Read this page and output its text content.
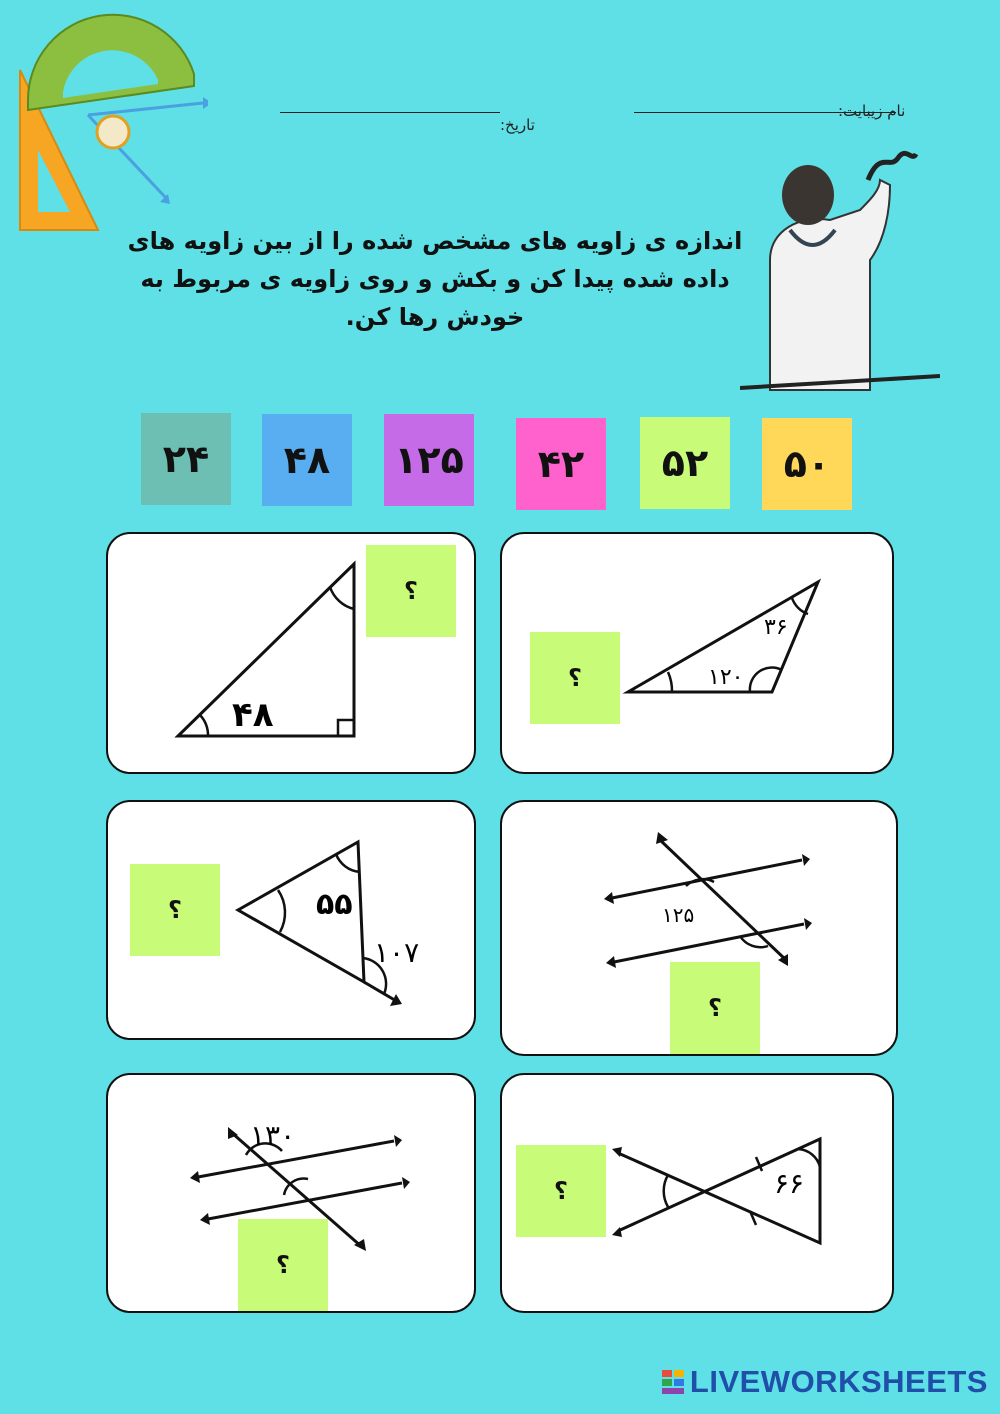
نام زیبایت:
تاریخ:
اندازه ی زاویه های مشخص شده را از بین زاویه های داده شده پیدا کن و بکش و روی زاویه ی مربوط به خودش رها کن.
۲۴ ۴۸ ۱۲۵ ۴۲ ۵۲ ۵۰
۴۸
؟
۳۶
۱۲۰
؟
۵۵
۱۰۷
؟	۱۲۵
؟
۱۳۰
؟
۶۶
؟
LIVEWORKSHEETS
